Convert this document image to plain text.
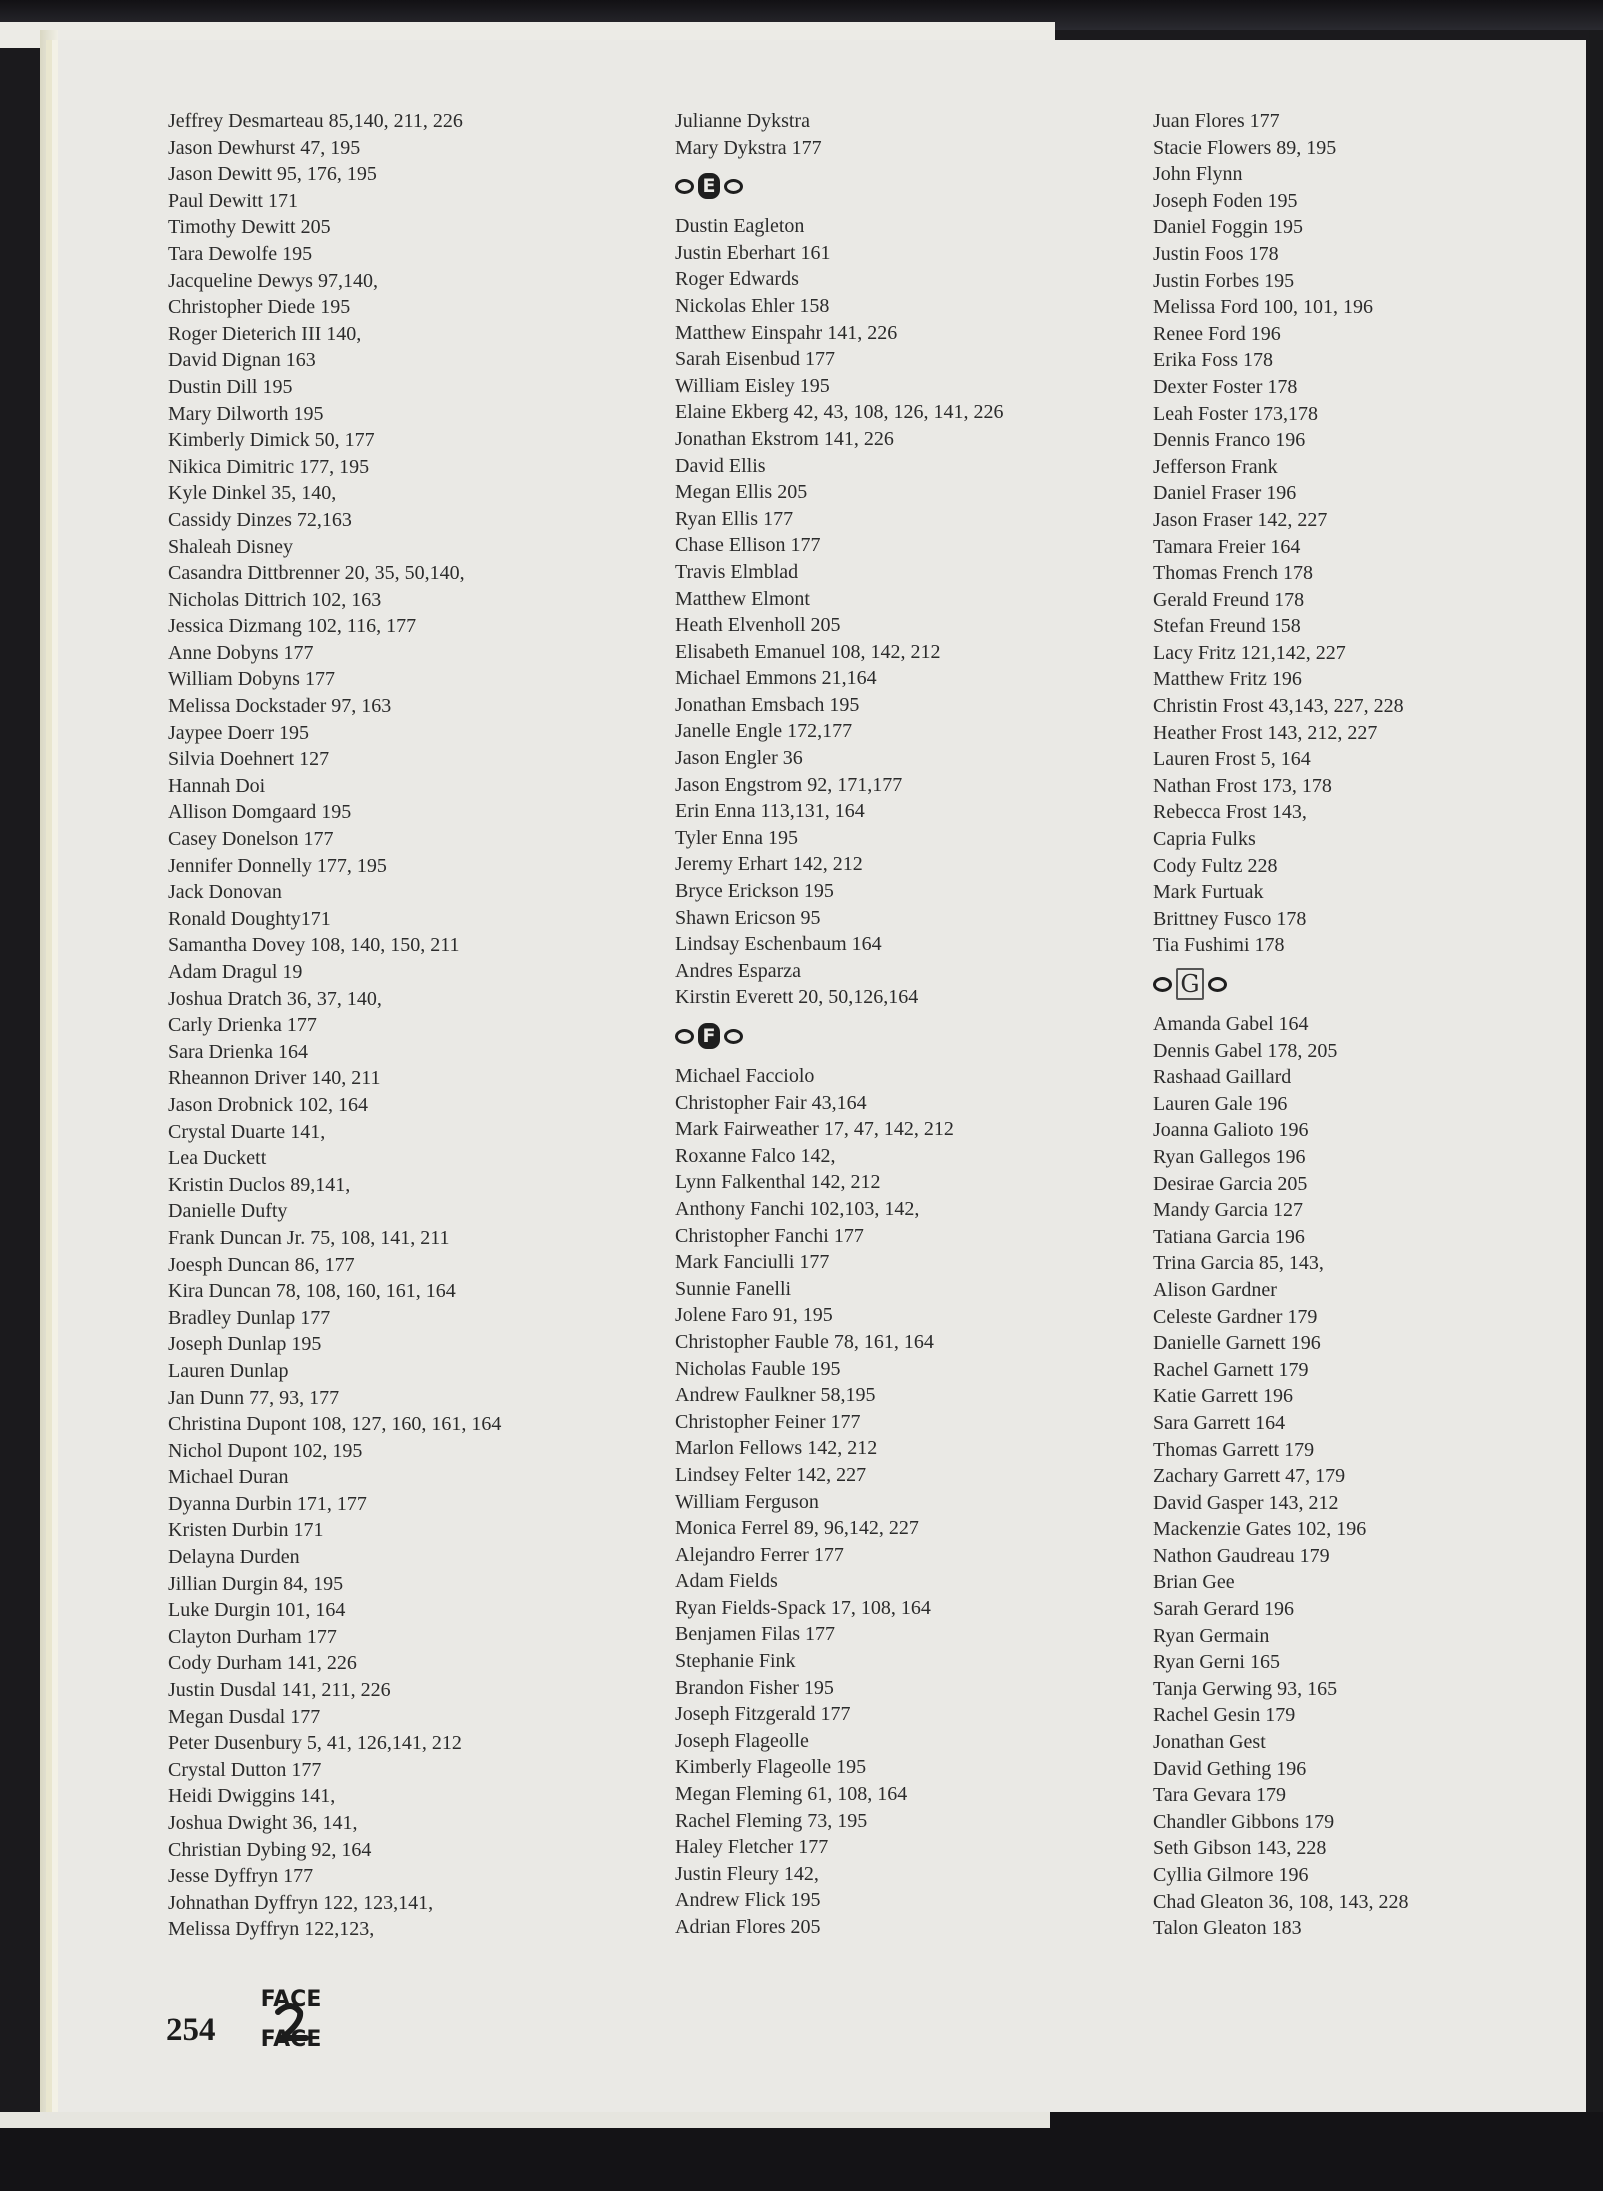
Jeffrey Desmarteau 85,140, 211, 226
Jason Dewhurst 47, 195
Jason Dewitt 95, 176, 195
Paul Dewitt 171
Timothy Dewitt 205
Tara Dewolfe 195
Jacqueline Dewys 97,140,
Christopher Diede 195
Roger Dieterich III 140,
David Dignan 163
Dustin Dill 195
Mary Dilworth 195
Kimberly Dimick 50, 177
Nikica Dimitric 177, 195
Kyle Dinkel 35, 140,
Cassidy Dinzes 72,163
Shaleah Disney
Casandra Dittbrenner 20, 35, 50,140,
Nicholas Dittrich 102, 163
Jessica Dizmang 102, 116, 177
Anne Dobyns 177
William Dobyns 177
Melissa Dockstader 97, 163
Jaypee Doerr 195
Silvia Doehnert 127
Hannah Doi
Allison Domgaard 195
Casey Donelson 177
Jennifer Donnelly 177, 195
Jack Donovan
Ronald Doughty171
Samantha Dovey 108, 140, 150, 211
Adam Dragul 19
Joshua Dratch 36, 37, 140,
Carly Drienka 177
Sara Drienka 164
Rheannon Driver 140, 211
Jason Drobnick 102, 164
Crystal Duarte 141,
Lea Duckett
Kristin Duclos 89,141,
Danielle Dufty
Frank Duncan Jr. 75, 108, 141, 211
Joesph Duncan 86, 177
Kira Duncan 78, 108, 160, 161, 164
Bradley Dunlap 177
Joseph Dunlap 195
Lauren Dunlap
Jan Dunn 77, 93, 177
Christina Dupont 108, 127, 160, 161, 164
Nichol Dupont 102, 195
Michael Duran
Dyanna Durbin 171, 177
Kristen Durbin 171
Delayna Durden
Jillian Durgin 84, 195
Luke Durgin 101, 164
Clayton Durham 177
Cody Durham 141, 226
Justin Dusdal 141, 211, 226
Megan Dusdal 177
Peter Dusenbury 5, 41, 126,141, 212
Crystal Dutton 177
Heidi Dwiggins 141,
Joshua Dwight 36, 141,
Christian Dybing 92, 164
Jesse Dyffryn 177
Johnathan Dyffryn 122, 123,141,
Melissa Dyffryn 122,123,
Julianne Dykstra
Mary Dykstra 177
E
Dustin Eagleton
Justin Eberhart 161
Roger Edwards
Nickolas Ehler 158
Matthew Einspahr 141, 226
Sarah Eisenbud 177
William Eisley 195
Elaine Ekberg 42, 43, 108, 126, 141, 226
Jonathan Ekstrom 141, 226
David Ellis
Megan Ellis 205
Ryan Ellis 177
Chase Ellison 177
Travis Elmblad
Matthew Elmont
Heath Elvenholl 205
Elisabeth Emanuel 108, 142, 212
Michael Emmons 21,164
Jonathan Emsbach 195
Janelle Engle 172,177
Jason Engler 36
Jason Engstrom 92, 171,177
Erin Enna 113,131, 164
Tyler Enna 195
Jeremy Erhart 142, 212
Bryce Erickson 195
Shawn Ericson 95
Lindsay Eschenbaum 164
Andres Esparza
Kirstin Everett 20, 50,126,164
F
Michael Facciolo
Christopher Fair 43,164
Mark Fairweather 17, 47, 142, 212
Roxanne Falco 142,
Lynn Falkenthal 142, 212
Anthony Fanchi 102,103, 142,
Christopher Fanchi 177
Mark Fanciulli 177
Sunnie Fanelli
Jolene Faro 91, 195
Christopher Fauble 78, 161, 164
Nicholas Fauble 195
Andrew Faulkner 58,195
Christopher Feiner 177
Marlon Fellows 142, 212
Lindsey Felter 142, 227
William Ferguson
Monica Ferrel 89, 96,142, 227
Alejandro Ferrer 177
Adam Fields
Ryan Fields-Spack 17, 108, 164
Benjamen Filas 177
Stephanie Fink
Brandon Fisher 195
Joseph Fitzgerald 177
Joseph Flageolle
Kimberly Flageolle 195
Megan Fleming 61, 108, 164
Rachel Fleming 73, 195
Haley Fletcher 177
Justin Fleury 142,
Andrew Flick 195
Adrian Flores 205
Juan Flores 177
Stacie Flowers 89, 195
John Flynn
Joseph Foden 195
Daniel Foggin 195
Justin Foos 178
Justin Forbes 195
Melissa Ford 100, 101, 196
Renee Ford 196
Erika Foss 178
Dexter Foster 178
Leah Foster 173,178
Dennis Franco 196
Jefferson Frank
Daniel Fraser 196
Jason Fraser 142, 227
Tamara Freier 164
Thomas French 178
Gerald Freund 178
Stefan Freund 158
Lacy Fritz 121,142, 227
Matthew Fritz 196
Christin Frost 43,143, 227, 228
Heather Frost 143, 212, 227
Lauren Frost 5, 164
Nathan Frost 173, 178
Rebecca Frost 143,
Capria Fulks
Cody Fultz 228
Mark Furtuak
Brittney Fusco 178
Tia Fushimi 178
G
Amanda Gabel 164
Dennis Gabel 178, 205
Rashaad Gaillard
Lauren Gale 196
Joanna Galioto 196
Ryan Gallegos 196
Desirae Garcia 205
Mandy Garcia 127
Tatiana Garcia 196
Trina Garcia 85, 143,
Alison Gardner
Celeste Gardner 179
Danielle Garnett 196
Rachel Garnett 179
Katie Garrett 196
Sara Garrett 164
Thomas Garrett 179
Zachary Garrett 47, 179
David Gasper 143, 212
Mackenzie Gates 102, 196
Nathon Gaudreau 179
Brian Gee
Sarah Gerard 196
Ryan Germain
Ryan Gerni 165
Tanja Gerwing 93, 165
Rachel Gesin 179
Jonathan Gest
David Gething 196
Tara Gevara 179
Chandler Gibbons 179
Seth Gibson 143, 228
Cyllia Gilmore 196
Chad Gleaton 36, 108, 143, 228
Talon Gleaton 183
254
FACE
FACE
